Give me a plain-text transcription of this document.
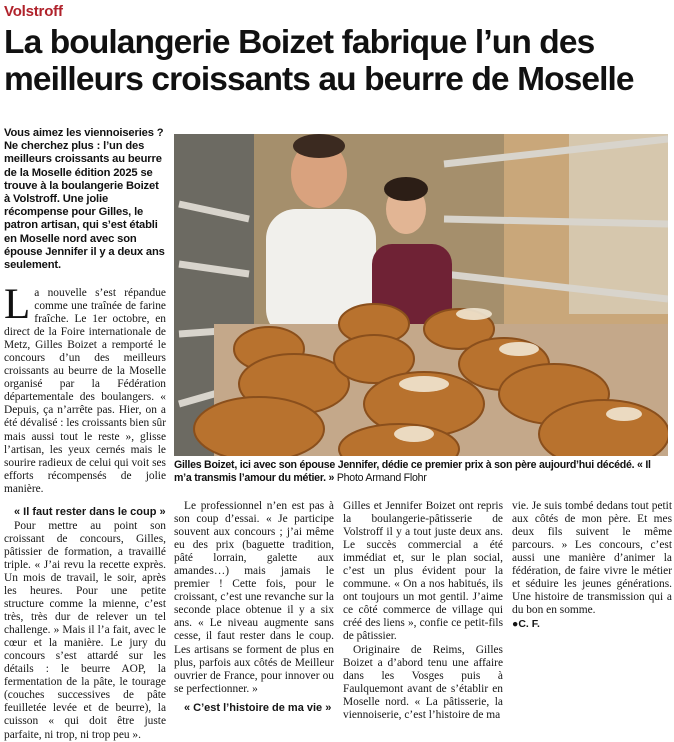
Volstroff
La boulangerie Boizet fabrique l’un des meilleurs croissants au beurre de Moselle

Vous aimez les viennoiseries ? Ne cherchez plus : l’un des meilleurs croissants au beurre de la Moselle édition 2025 se trouve à la boulangerie Boizet à Volstroff. Une jolie récompense pour Gilles, le patron artisan, qui s’est établi en Moselle nord avec son épouse Jennifer il y a deux ans seulement.

Gilles Boizet, ici avec son épouse Jennifer, dédie ce premier prix à son père aujourd’hui décédé. « Il m’a transmis l’amour du métier. » Photo Armand Flohr

La nouvelle s’est répandue comme une traînée de farine fraîche. Le 1er octobre, en direct de la Foire internationale de Metz, Gilles Boizet a remporté le concours d’un des meilleurs croissants au beurre de la Moselle organisé par la Fédération départementale des boulangers. « Depuis, ça n’arrête pas. Hier, on a été dévalisé : les croissants bien sûr mais aussi tout le reste », glisse l’artisan, les yeux cernés mais le sourire radieux de celui qui voit ses efforts récompensés de jolie manière.

« Il faut rester dans le coup »

Pour mettre au point son croissant de concours, Gilles, pâtissier de formation, a travaillé triple. « J’ai revu la recette exprès. Un mois de travail, le soir, après les heures. Pour une petite structure comme la mienne, c’est très, très dur de relever un tel challenge. » Mais il l’a fait, avec le cœur et la manière. Le jury du concours s’est attardé sur les détails : le beurre AOP, la fermentation de la pâte, le tourage (couches successives de pâte feuilletée levée et de beurre), la cuisson « qui doit être juste parfaite, ni trop, ni trop peu ».

Le professionnel n’en est pas à son coup d’essai. « Je participe souvent aux concours ; j’ai même eu des prix (baguette tradition, pâté lorrain, galette aux amandes…) mais jamais le premier ! Cette fois, pour le croissant, c’est une revanche sur la seconde place obtenue il y a six ans. « Le niveau augmente sans cesse, il faut rester dans le coup. Les artisans se forment de plus en plus, parfois aux côtés de Meilleur ouvrier de France, pour innover ou se perfectionner. »

« C’est l’histoire de ma vie »

Gilles et Jennifer Boizet ont repris la boulangerie-pâtisserie de Volstroff il y a tout juste deux ans. Le succès commercial a été immédiat et, sur le plan social, c’est un plus évident pour la commune. « On a nos habitués, ils ont toujours un mot gentil. J’aime ce côté commerce de village qui créé des liens », confie ce petit-fils de pâtissier.

Originaire de Reims, Gilles Boizet a d’abord tenu une affaire dans les Vosges puis à Faulquemont avant de s’établir en Moselle nord. « La pâtisserie, la viennoiserie, c’est l’histoire de ma

vie. Je suis tombé dedans tout petit aux côtés de mon père. Et mes deux fils suivent le même parcours. » Les concours, c’est aussi une manière d’animer la fédération, de faire vivre le métier et séduire les jeunes générations. Une histoire de transmission qui a du bon en somme.

●C. F.
